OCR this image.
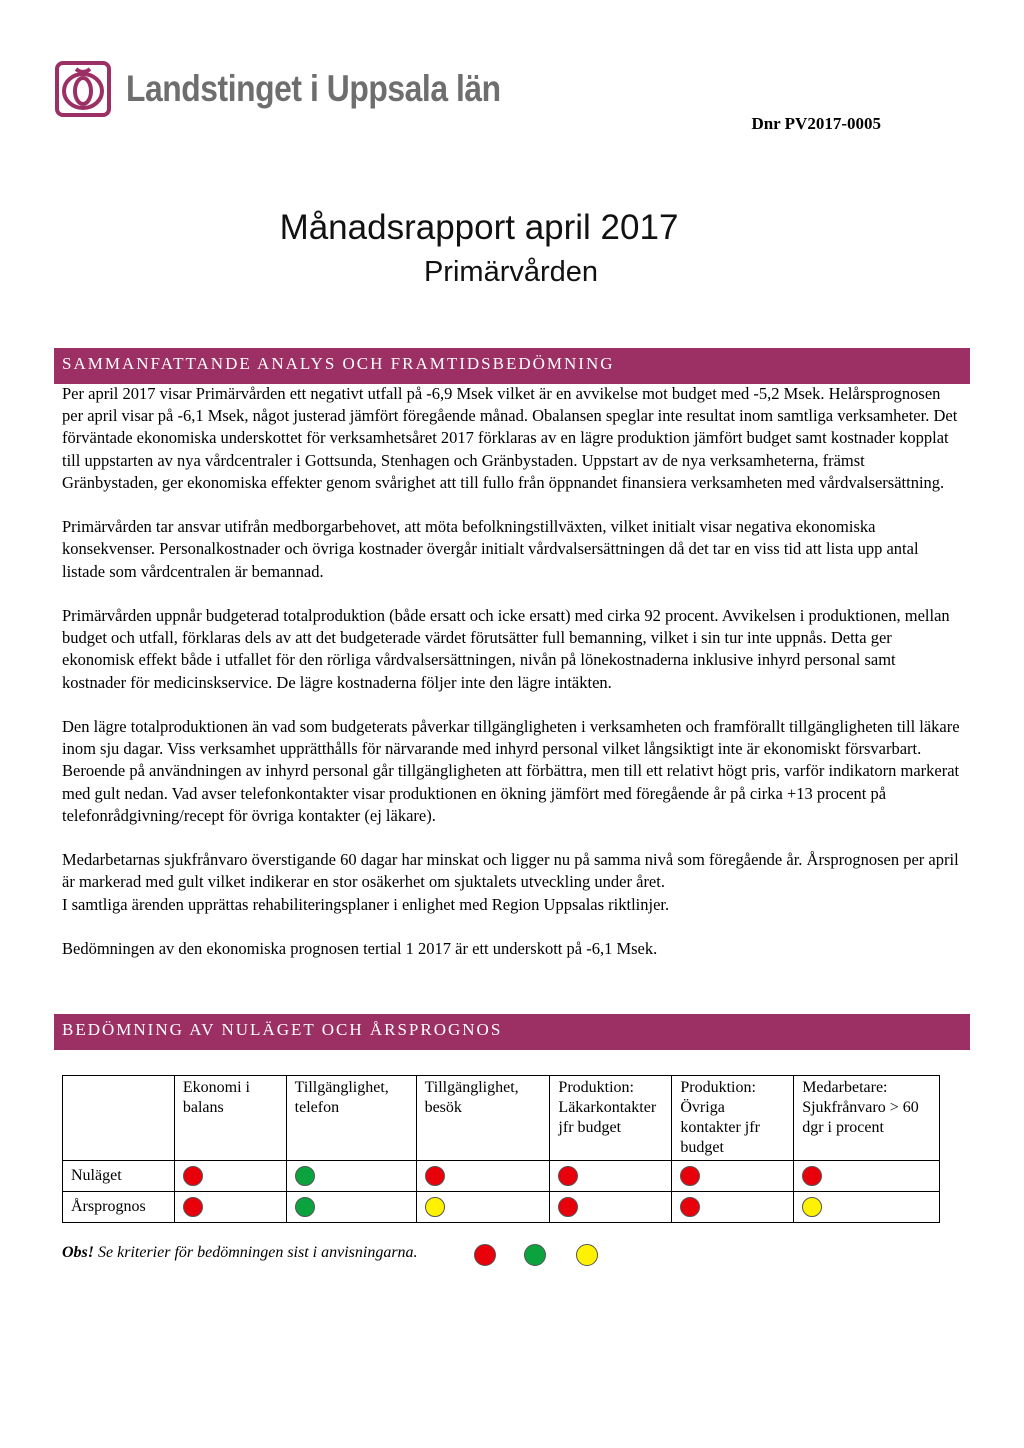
Landstinget i Uppsala län
Dnr PV2017-0005
Månadsrapport april 2017
Primärvården
SAMMANFATTANDE ANALYS OCH FRAMTIDSBEDÖMNING

Per april 2017 visar Primärvården ett negativt utfall på -6,9 Msek vilket är en avvikelse mot budget med -5,2 Msek. Helårsprognosen per april visar på -6,1 Msek, något justerad jämfört föregående månad. Obalansen speglar inte resultat inom samtliga verksamheter. Det förväntade ekonomiska underskottet för verksamhetsåret 2017 förklaras av en lägre produktion jämfört budget samt kostnader kopplat till uppstarten av nya vårdcentraler i Gottsunda, Stenhagen och Gränbystaden. Uppstart av de nya verksamheterna, främst Gränbystaden, ger ekonomiska effekter genom svårighet att till fullo från öppnandet finansiera verksamheten med vårdvalsersättning.

Primärvården tar ansvar utifrån medborgarbehovet, att möta befolkningstillväxten, vilket initialt visar negativa ekonomiska konsekvenser. Personalkostnader och övriga kostnader övergår initialt vårdvalsersättningen då det tar en viss tid att lista upp antal listade som vårdcentralen är bemannad.

Primärvården uppnår budgeterad totalproduktion (både ersatt och icke ersatt) med cirka 92 procent. Avvikelsen i produktionen, mellan budget och utfall, förklaras dels av att det budgeterade värdet förutsätter full bemanning, vilket i sin tur inte uppnås. Detta ger ekonomisk effekt både i utfallet för den rörliga vårdvalsersättningen, nivån på lönekostnaderna inklusive inhyrd personal samt kostnader för medicinskservice. De lägre kostnaderna följer inte den lägre intäkten.

Den lägre totalproduktionen än vad som budgeterats påverkar tillgängligheten i verksamheten och framförallt tillgängligheten till läkare inom sju dagar. Viss verksamhet upprätthålls för närvarande med inhyrd personal vilket långsiktigt inte är ekonomiskt försvarbart. Beroende på användningen av inhyrd personal går tillgängligheten att förbättra, men till ett relativt högt pris, varför indikatorn markerat med gult nedan. Vad avser telefonkontakter visar produktionen en ökning jämfört med föregående år på cirka +13 procent på telefonrådgivning/recept för övriga kontakter (ej läkare).

Medarbetarnas sjukfrånvaro överstigande 60 dagar har minskat och ligger nu på samma nivå som föregående år. Årsprognosen per april är markerad med gult vilket indikerar en stor osäkerhet om sjuktalets utveckling under året.
I samtliga ärenden upprättas rehabiliteringsplaner i enlighet med Region Uppsalas riktlinjer.

Bedömningen av den ekonomiska prognosen tertial 1 2017 är ett underskott på -6,1 Msek.

BEDÖMNING AV NULÄGET OCH ÅRSPROGNOS
	Ekonomi i balans	Tillgänglighet, telefon	Tillgänglighet, besök	Produktion: Läkarkontakter jfr budget	Produktion: Övriga kontakter jfr budget	Medarbetare: Sjukfrånvaro > 60 dgr i procent
Nuläget						
Årsprognos						
Obs! Se kriterier för bedömningen sist i anvisningarna.
